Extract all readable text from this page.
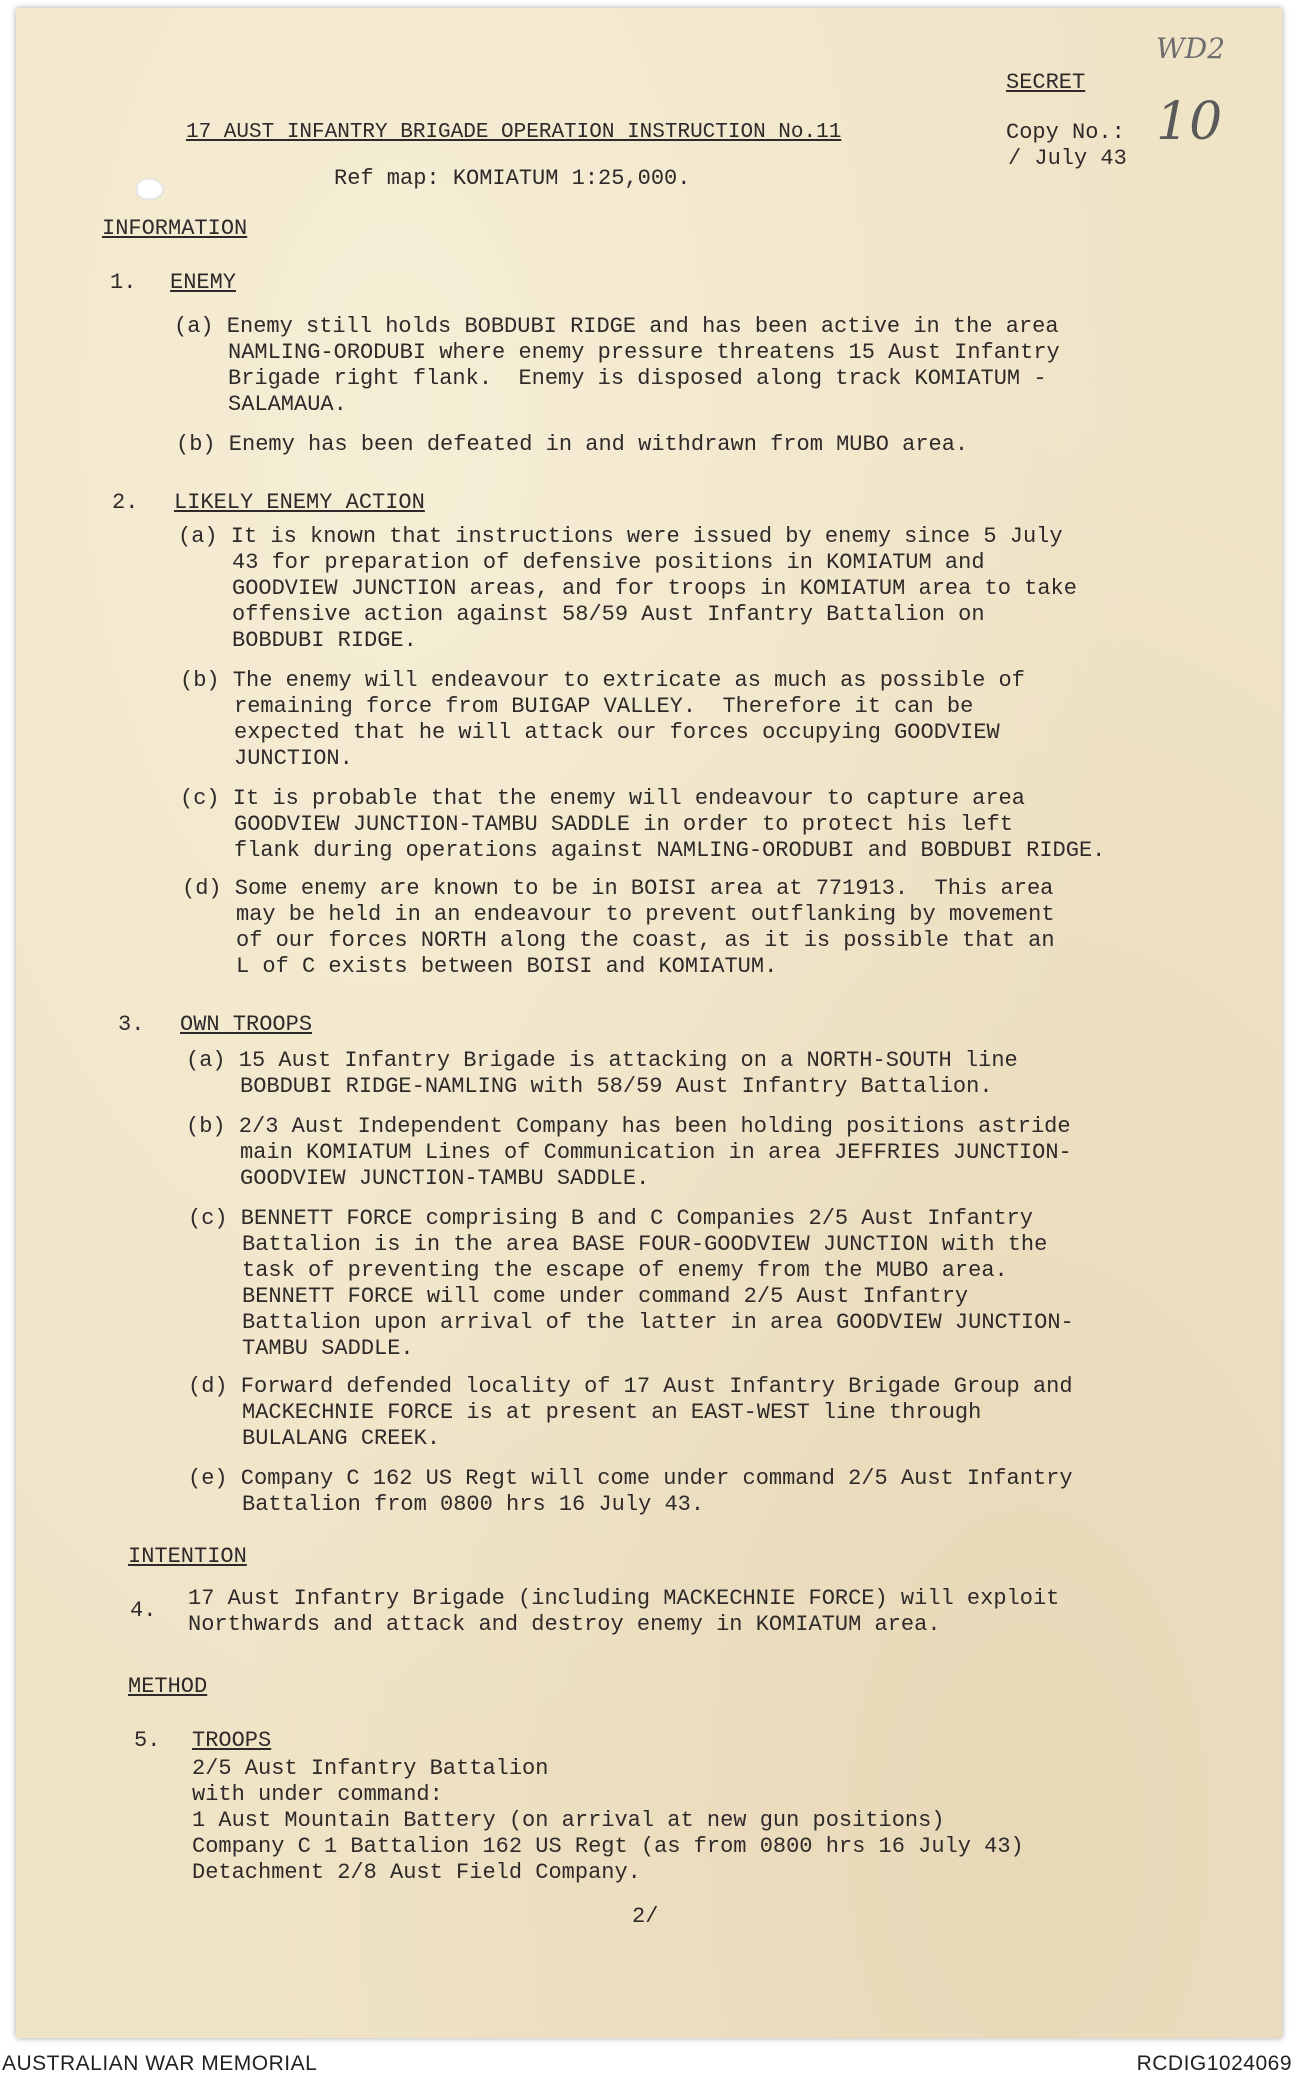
WD2
10
SECRET
17 AUST INFANTRY BRIGADE OPERATION INSTRUCTION No.11	Copy No.:
/ July 43
Ref map: KOMIATUM 1:25,000.
INFORMATION
1. ENEMY
(a) Enemy still holds BOBDUBI RIDGE and has been active in the area
NAMLING-ORODUBI where enemy pressure threatens 15 Aust Infantry
Brigade right flank.  Enemy is disposed along track KOMIATUM -
SALAMAUA.
(b) Enemy has been defeated in and withdrawn from MUBO area.
2. LIKELY ENEMY ACTION
(a) It is known that instructions were issued by enemy since 5 July
43 for preparation of defensive positions in KOMIATUM and
GOODVIEW JUNCTION areas, and for troops in KOMIATUM area to take
offensive action against 58/59 Aust Infantry Battalion on
BOBDUBI RIDGE.
(b) The enemy will endeavour to extricate as much as possible of
remaining force from BUIGAP VALLEY.  Therefore it can be
expected that he will attack our forces occupying GOODVIEW
JUNCTION.
(c) It is probable that the enemy will endeavour to capture area
GOODVIEW JUNCTION-TAMBU SADDLE in order to protect his left
flank during operations against NAMLING-ORODUBI and BOBDUBI RIDGE.
(d) Some enemy are known to be in BOISI area at 771913.  This area
may be held in an endeavour to prevent outflanking by movement
of our forces NORTH along the coast, as it is possible that an
L of C exists between BOISI and KOMIATUM.
3. OWN TROOPS
(a) 15 Aust Infantry Brigade is attacking on a NORTH-SOUTH line
BOBDUBI RIDGE-NAMLING with 58/59 Aust Infantry Battalion.
(b) 2/3 Aust Independent Company has been holding positions astride
main KOMIATUM Lines of Communication in area JEFFRIES JUNCTION-
GOODVIEW JUNCTION-TAMBU SADDLE.
(c) BENNETT FORCE comprising B and C Companies 2/5 Aust Infantry
Battalion is in the area BASE FOUR-GOODVIEW JUNCTION with the
task of preventing the escape of enemy from the MUBO area.
BENNETT FORCE will come under command 2/5 Aust Infantry
Battalion upon arrival of the latter in area GOODVIEW JUNCTION-
TAMBU SADDLE.
(d) Forward defended locality of 17 Aust Infantry Brigade Group and
MACKECHNIE FORCE is at present an EAST-WEST line through
BULALANG CREEK.
(e) Company C 162 US Regt will come under command 2/5 Aust Infantry
Battalion from 0800 hrs 16 July 43.
INTENTION
4. 17 Aust Infantry Brigade (including MACKECHNIE FORCE) will exploit
Northwards and attack and destroy enemy in KOMIATUM area.
METHOD
5. TROOPS
2/5 Aust Infantry Battalion
with under command:
1 Aust Mountain Battery (on arrival at new gun positions)
Company C 1 Battalion 162 US Regt (as from 0800 hrs 16 July 43)
Detachment 2/8 Aust Field Company.
2/
AUSTRALIAN WAR MEMORIAL	RCDIG1024069
